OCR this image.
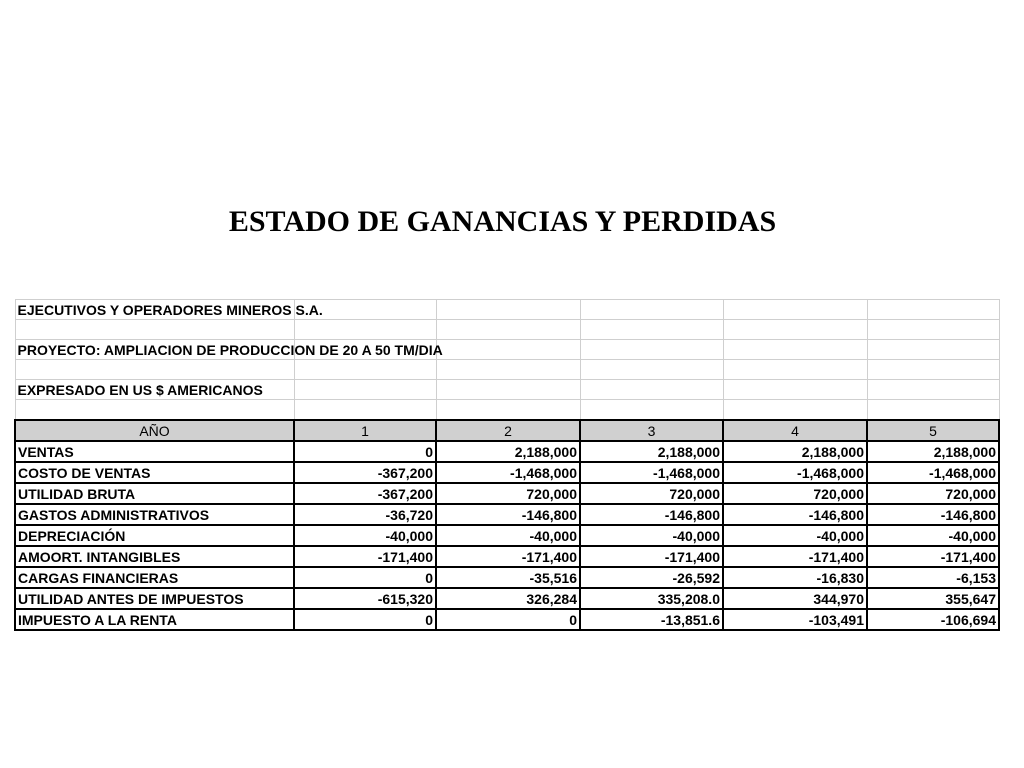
ESTADO DE GANANCIAS Y PERDIDAS
EJECUTIVOS Y OPERADORES MINEROS S.A.					

PROYECTO: AMPLIACION DE PRODUCCION DE 20 A 50 TM/DIA					

EXPRESADO EN US $ AMERICANOS					

AÑO	1	2	3	4	5
VENTAS	0	2,188,000	2,188,000	2,188,000	2,188,000
COSTO DE VENTAS	-367,200	-1,468,000	-1,468,000	-1,468,000	-1,468,000
UTILIDAD BRUTA	-367,200	720,000	720,000	720,000	720,000
GASTOS ADMINISTRATIVOS	-36,720	-146,800	-146,800	-146,800	-146,800
DEPRECIACIÓN	-40,000	-40,000	-40,000	-40,000	-40,000
AMOORT. INTANGIBLES	-171,400	-171,400	-171,400	-171,400	-171,400
CARGAS FINANCIERAS	0	-35,516	-26,592	-16,830	-6,153
UTILIDAD ANTES DE IMPUESTOS	-615,320	326,284	335,208.0	344,970	355,647
IMPUESTO A LA RENTA	0	0	-13,851.6	-103,491	-106,694
